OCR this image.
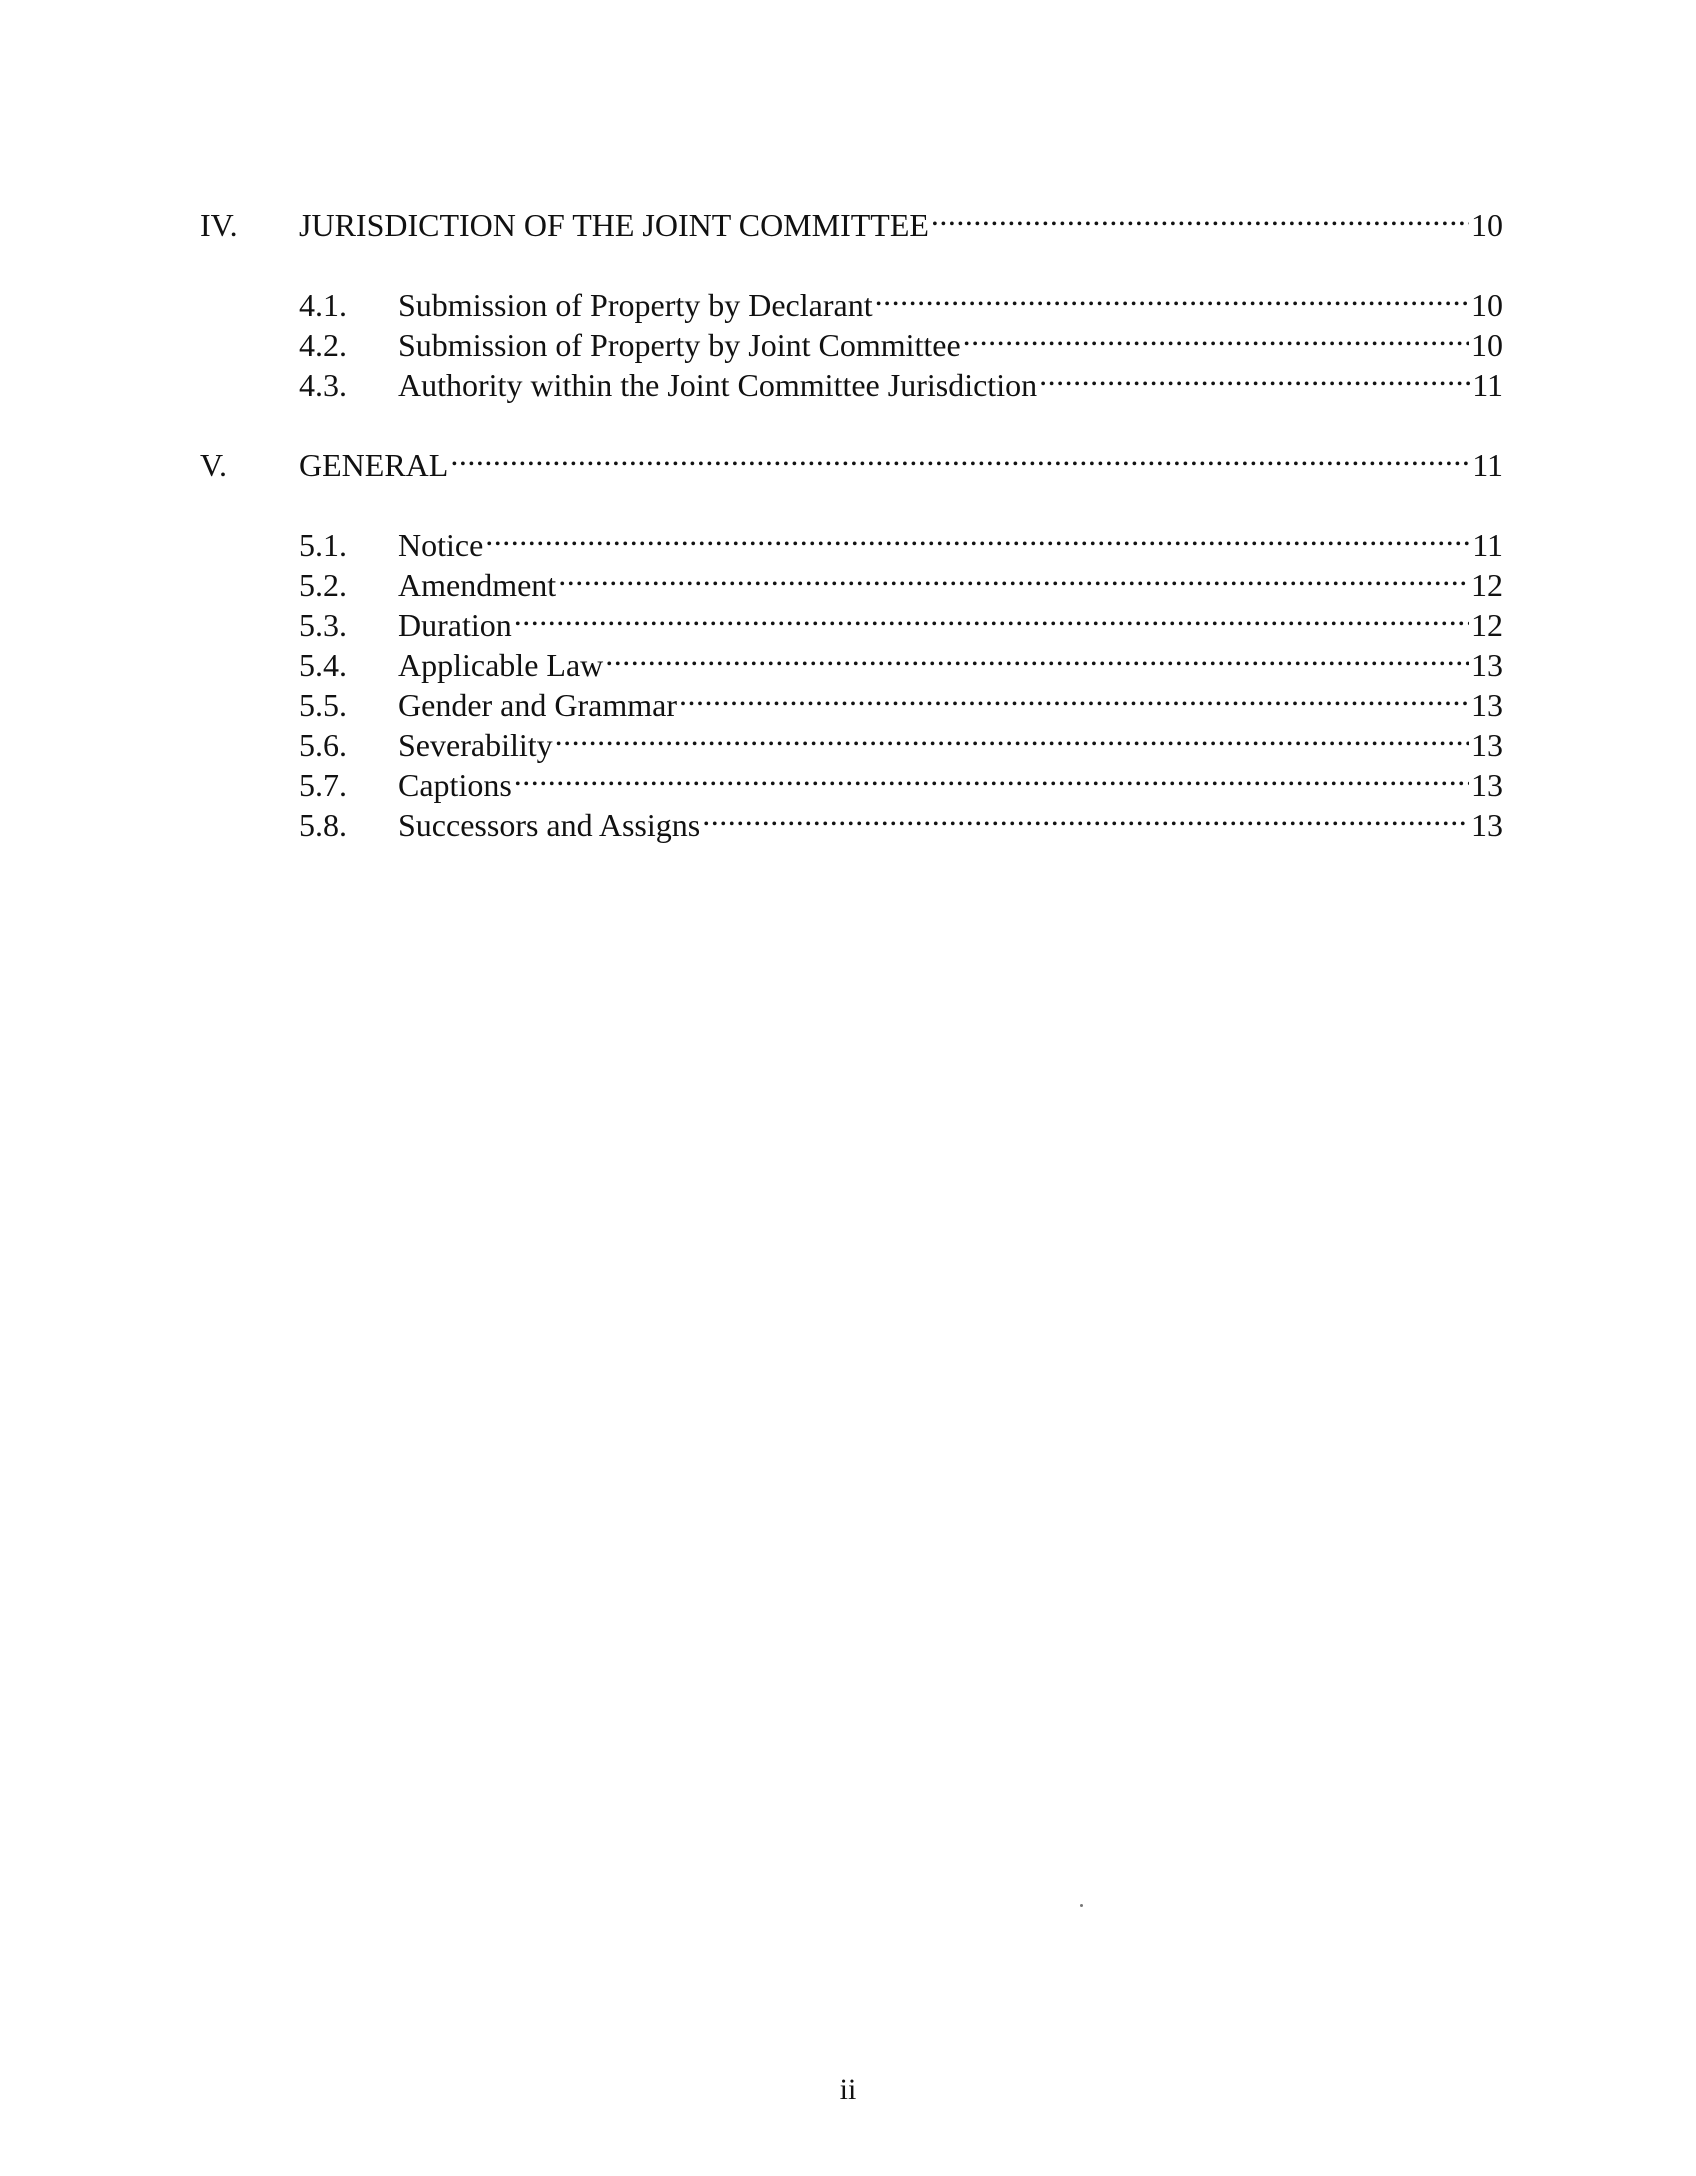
IV.	JURISDICTION OF THE JOINT COMMITTEE .....	10
4.1.	Submission of Property by Declarant .....	10
4.2.	Submission of Property by Joint Committee .....	10
4.3.	Authority within the Joint Committee Jurisdiction .....	11
V.	GENERAL .....	11
5.1.	Notice .....	11
5.2.	Amendment .....	12
5.3.	Duration .....	12
5.4.	Applicable Law .....	13
5.5.	Gender and Grammar .....	13
5.6.	Severability .....	13
5.7.	Captions .....	13
5.8.	Successors and Assigns .....	13
ii
